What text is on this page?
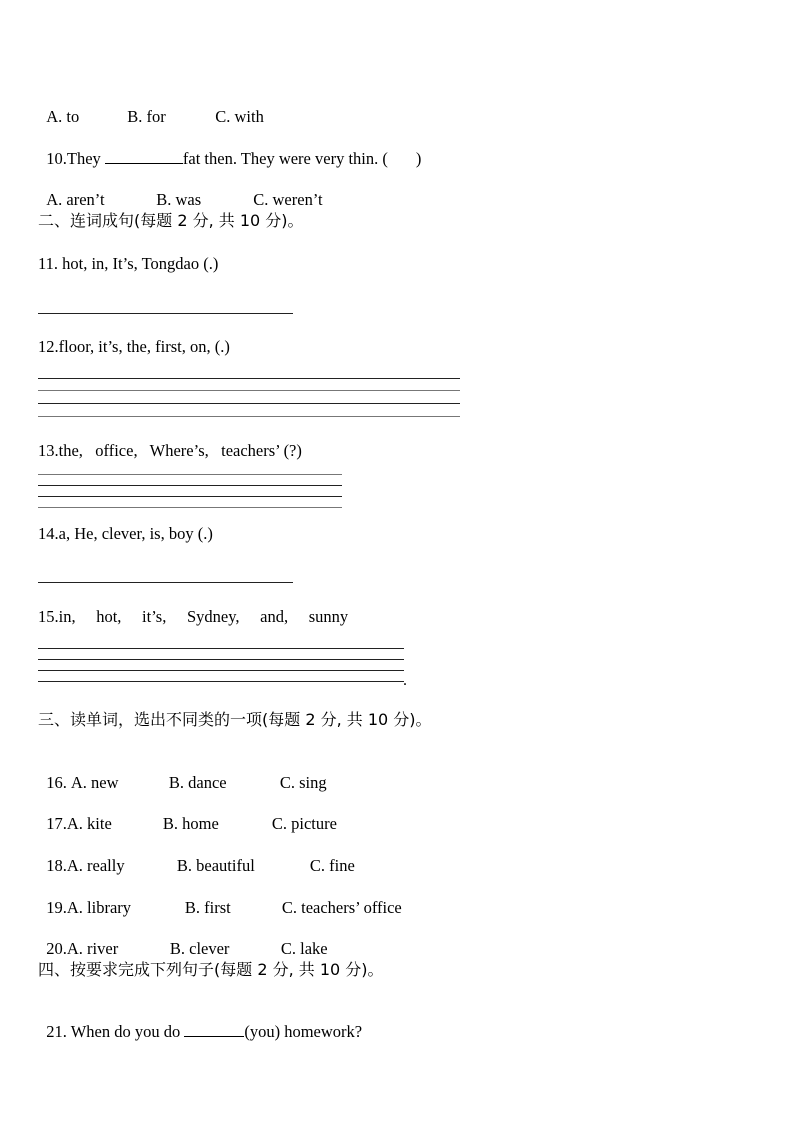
A. to	B. for	C. with

10.They	fat then. They were very thin. ( )

A. aren’t	B. was	C. weren’t

二、连词成句(每题 2 分, 共 10 分)。
11. hot, in, It’s, Tongdao (.)
12.floor, it’s, the, first, on, (.)
13.the,   office,   Where’s,   teachers’ (?)
14.a, He, clever, is, boy (.)
15.in,     hot,     it’s,     Sydney,     and,     sunny
.
三、读单词，选出不同类的一项(每题 2 分, 共 10 分)。

16. A. new	B. dance	C. sing

17.A. kite	B. home	C. picture

18.A. really	B. beautiful	C. fine

19.A. library	B. first	C. teachers’ office

20.A. river	B. clever	C. lake

四、按要求完成下列句子(每题 2 分, 共 10 分)。

21. When do you do	(you) homework?
